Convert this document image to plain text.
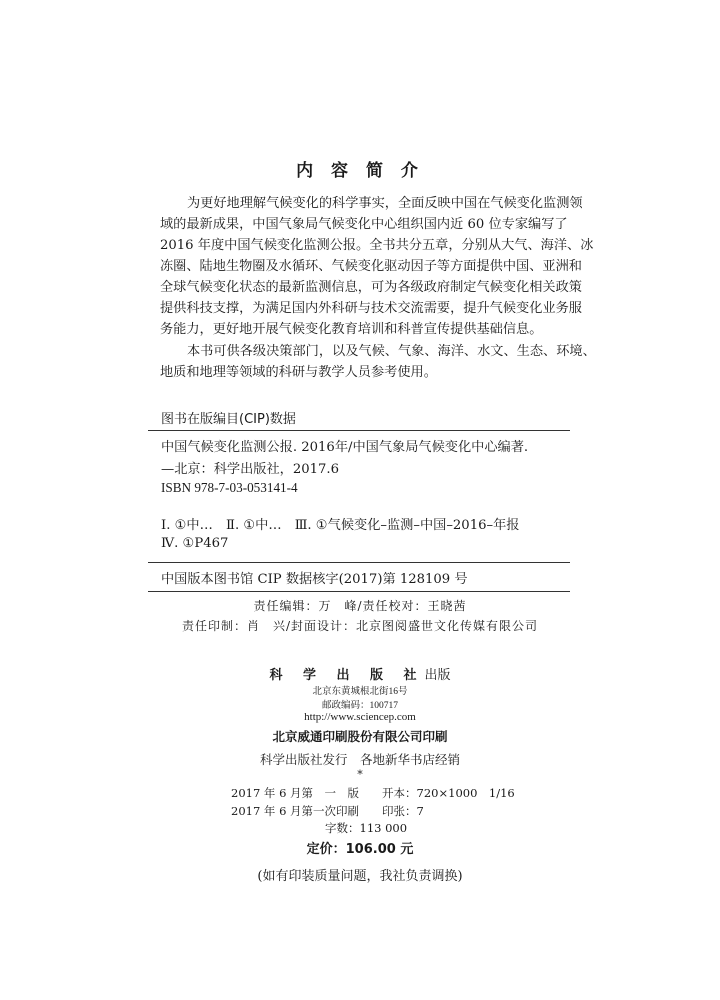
内 容 简 介

为更好地理解气候变化的科学事实，全面反映中国在气候变化监测领
域的最新成果，中国气象局气候变化中心组织国内近 60 位专家编写了
2016 年度中国气候变化监测公报。全书共分五章，分别从大气、海洋、冰
冻圈、陆地生物圈及水循环、气候变化驱动因子等方面提供中国、亚洲和
全球气候变化状态的最新监测信息，可为各级政府制定气候变化相关政策
提供科技支撑，为满足国内外科研与技术交流需要，提升气候变化业务服
务能力，更好地开展气候变化教育培训和科普宣传提供基础信息。

本书可供各级决策部门，以及气候、气象、海洋、水文、生态、环境、
地质和地理等领域的科研与教学人员参考使用。
图书在版编目(CIP)数据
中国气候变化监测公报. 2016年/中国气象局气候变化中心编著.
—北京：科学出版社，2017.6
ISBN 978-7-03-053141-4
Ⅰ. ①中…　Ⅱ. ①中…　Ⅲ. ①气候变化–监测–中国–2016–年报
Ⅳ. ①P467
中国版本图书馆 CIP 数据核字(2017)第 128109 号
责任编辑：万　峰/责任校对：王晓茜
责任印制：肖　兴/封面设计：北京图阅盛世文化传媒有限公司
科 学 出 版 社出版
北京东黄城根北街16号
邮政编码：100717
http://www.sciencep.com
北京威通印刷股份有限公司印刷
科学出版社发行　各地新华书店经销
*
2017 年 6 月第　一　版　　开本：720×1000　1/16
2017 年 6 月第一次印刷　　印张：7
字数：113 000
定价：106.00 元
(如有印装质量问题，我社负责调换)
